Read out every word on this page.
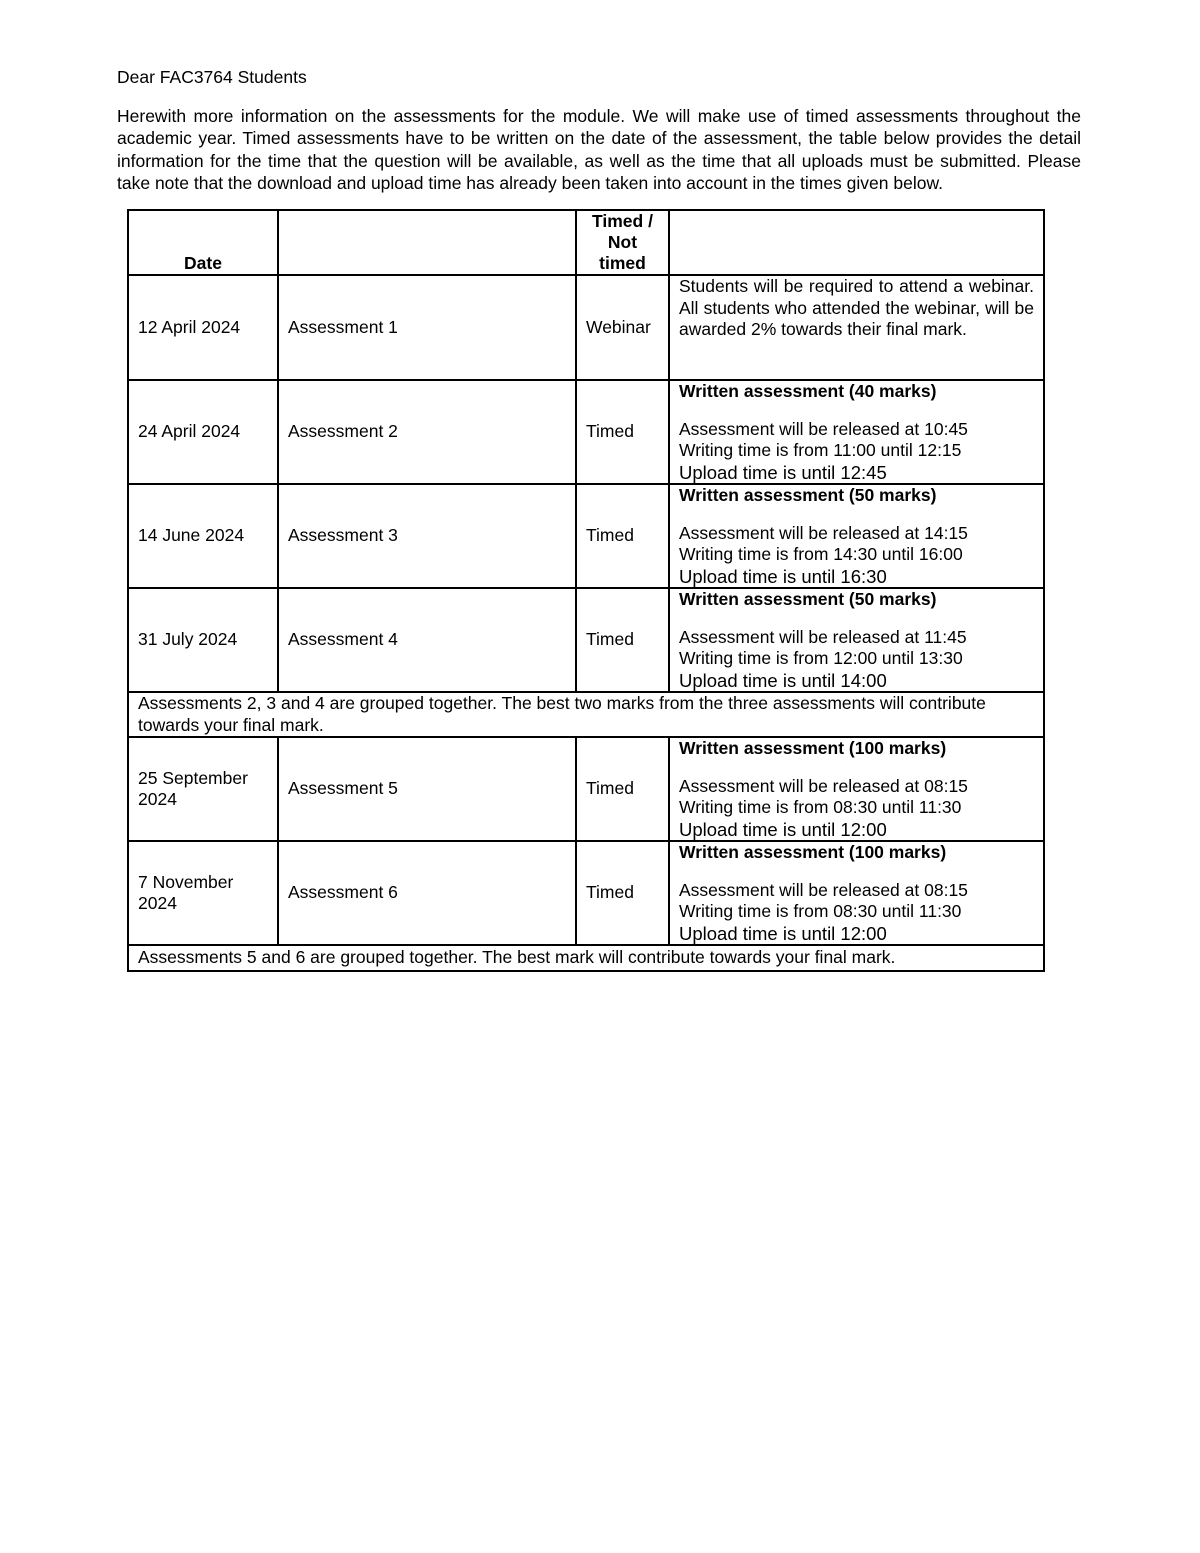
Dear FAC3764 Students
Herewith more information on the assessments for the module. We will make use of timed assessments throughout the academic year. Timed assessments have to be written on the date of the assessment, the table below provides the detail information for the time that the question will be available, as well as the time that all uploads must be submitted. Please take note that the download and upload time has already been taken into account in the times given below.
Date		Timed / Not timed	
12 April 2024	Assessment 1	Webinar	Students will be required to attend a webinar. All students who attended the webinar, will be awarded 2% towards their final mark.
24 April 2024	Assessment 2	Timed	Written assessment (40 marks)
Assessment will be released at 10:45
Writing time is from 11:00 until 12:15
Upload time is until 12:45

14 June 2024	Assessment 3	Timed	Written assessment (50 marks)
Assessment will be released at 14:15
Writing time is from 14:30 until 16:00
Upload time is until 16:30

31 July 2024	Assessment 4	Timed	Written assessment (50 marks)
Assessment will be released at 11:45
Writing time is from 12:00 until 13:30
Upload time is until 14:00

Assessments 2, 3 and 4 are grouped together. The best two marks from the three assessments will contribute towards your final mark.			
25 September 2024	Assessment 5	Timed	Written assessment (100 marks)
Assessment will be released at 08:15
Writing time is from 08:30 until 11:30
Upload time is until 12:00

7 November 2024	Assessment 6	Timed	Written assessment (100 marks)
Assessment will be released at 08:15
Writing time is from 08:30 until 11:30
Upload time is until 12:00

Assessments 5 and 6 are grouped together. The best mark will contribute towards your final mark.			
